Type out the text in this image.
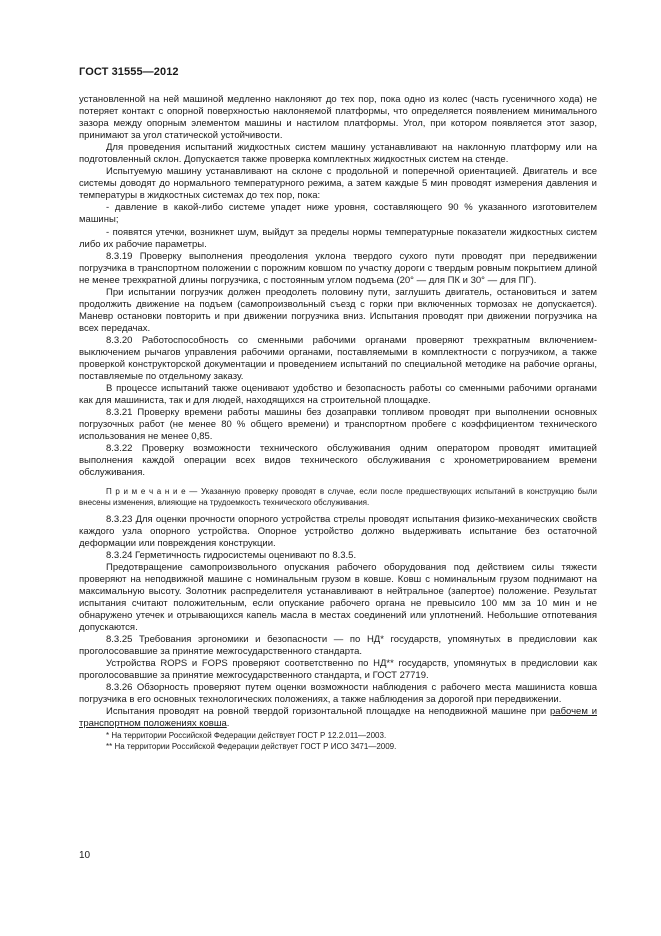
ГОСТ 31555—2012

установленной на ней машиной медленно наклоняют до тех пор, пока одно из колес (часть гусеничного хода) не потеряет контакт с опорной поверхностью наклоняемой платформы, что определяется появлением минимального зазора между опорным элементом машины и настилом платформы. Угол, при котором появляется этот зазор, принимают за угол статической устойчивости.

Для проведения испытаний жидкостных систем машину устанавливают на наклонную платформу или на подготовленный склон. Допускается также проверка комплектных жидкостных систем на стенде.

Испытуемую машину устанавливают на склоне с продольной и поперечной ориентацией. Двигатель и все системы доводят до нормального температурного режима, а затем каждые 5 мин проводят измерения давления и температуры в жидкостных системах до тех пор, пока:

- давление в какой-либо системе упадет ниже уровня, составляющего 90 % указанного изготовителем машины;

- появятся утечки, возникнет шум, выйдут за пределы нормы температурные показатели жидкостных систем либо их рабочие параметры.

8.3.19 Проверку выполнения преодоления уклона твердого сухого пути проводят при передвижении погрузчика в транспортном положении с порожним ковшом по участку дороги с твердым ровным покрытием длиной не менее трехкратной длины погрузчика, с постоянным углом подъема (20° — для ПК и 30° — для ПГ).

При испытании погрузчик должен преодолеть половину пути, заглушить двигатель, остановиться и затем продолжить движение на подъем (самопроизвольный съезд с горки при включенных тормозах не допускается). Маневр остановки повторить и при движении погрузчика вниз. Испытания проводят при движении погрузчика на всех передачах.

8.3.20 Работоспособность со сменными рабочими органами проверяют трехкратным включением-выключением рычагов управления рабочими органами, поставляемыми в комплектности с погрузчиком, а также проверкой конструкторской документации и проведением испытаний по специальной методике на рабочие органы, поставляемые по отдельному заказу.

В процессе испытаний также оценивают удобство и безопасность работы со сменными рабочими органами как для машиниста, так и для людей, находящихся на строительной площадке.

8.3.21 Проверку времени работы машины без дозаправки топливом проводят при выполнении основных погрузочных работ (не менее 80 % общего времени) и транспортном пробеге с коэффициентом технического использования не менее 0,85.

8.3.22 Проверку возможности технического обслуживания одним оператором проводят имитацией выполнения каждой операции всех видов технического обслуживания с хронометрированием времени обслуживания.

П р и м е ч а н и е — Указанную проверку проводят в случае, если после предшествующих испытаний в конструкцию были внесены изменения, влияющие на трудоемкость технического обслуживания.

8.3.23 Для оценки прочности опорного устройства стрелы проводят испытания физико-механических свойств каждого узла опорного устройства. Опорное устройство должно выдерживать испытание без остаточной деформации или повреждения конструкции.

8.3.24 Герметичность гидросистемы оценивают по 8.3.5.

Предотвращение самопроизвольного опускания рабочего оборудования под действием силы тяжести проверяют на неподвижной машине с номинальным грузом в ковше. Ковш с номинальным грузом поднимают на максимальную высоту. Золотник распределителя устанавливают в нейтральное (запертое) положение. Результат испытания считают положительным, если опускание рабочего органа не превысило 100 мм за 10 мин и не обнаружено утечек и отрывающихся капель масла в местах соединений или уплотнений. Небольшие отпотевания допускаются.

8.3.25 Требования эргономики и безопасности — по НД* государств, упомянутых в предисловии как проголосовавшие за принятие межгосударственного стандарта.

Устройства ROPS и FOPS проверяют соответственно по НД** государств, упомянутых в предисловии как проголосовавшие за принятие межгосударственного стандарта, и ГОСТ 27719.

8.3.26 Обзорность проверяют путем оценки возможности наблюдения с рабочего места машиниста ковша погрузчика в его основных технологических положениях, а также наблюдения за дорогой при передвижении.

Испытания проводят на ровной твердой горизонтальной площадке на неподвижной машине при рабочем и транспортном положениях ковша.

* На территории Российской Федерации действует ГОСТ Р 12.2.011—2003.

** На территории Российской Федерации действует ГОСТ Р ИСО 3471—2009.

10
